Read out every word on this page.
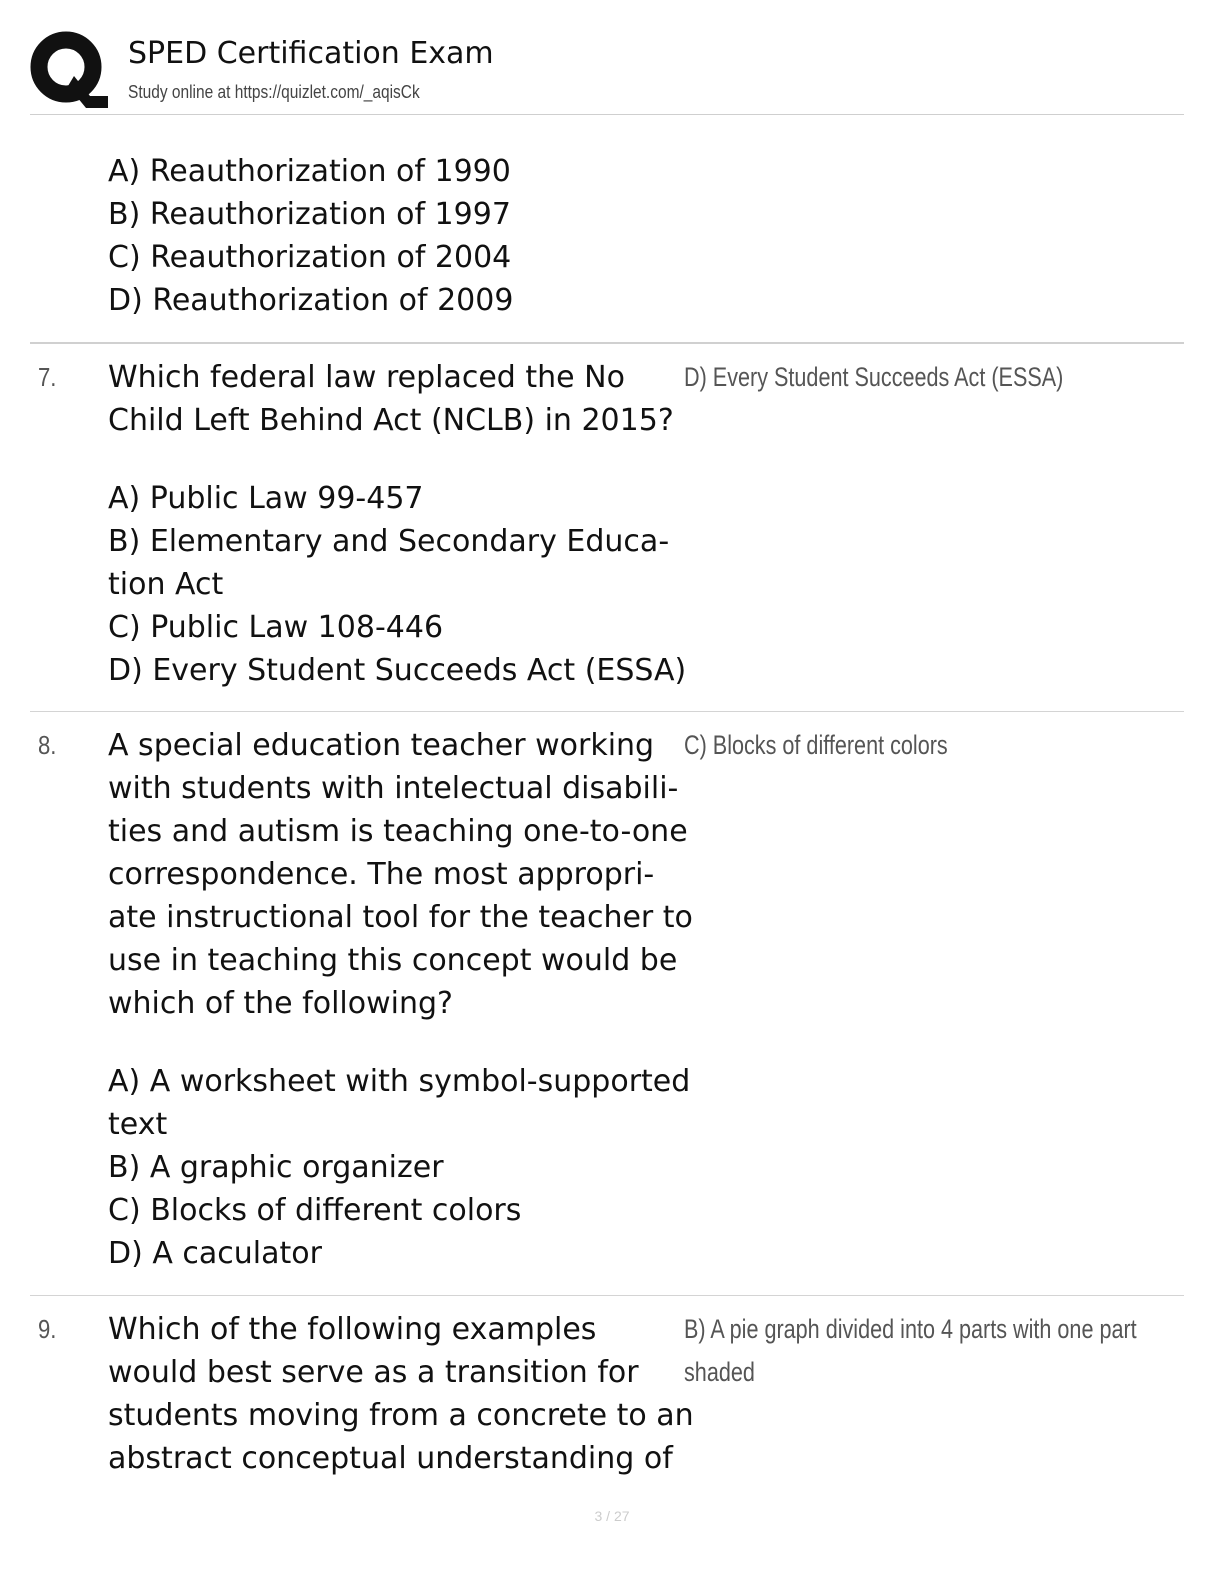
SPED Certification Exam
Study online at https://quizlet.com/_aqisCk
A) Reauthorization of 1990
B) Reauthorization of 1997
C) Reauthorization of 2004
D) Reauthorization of 2009
7. Which federal law replaced the No
Child Left Behind Act (NCLB) in 2015?
A) Public Law 99-457
B) Elementary and Secondary Educa-
tion Act
C) Public Law 108-446
D) Every Student Succeeds Act (ESSA)
D) Every Student Succeeds Act (ESSA)
8. A special education teacher working
with students with intelectual disabili-
ties and autism is teaching one-to-one
correspondence. The most appropri-
ate instructional tool for the teacher to
use in teaching this concept would be
which of the following?
A) A worksheet with symbol-supported
text
B) A graphic organizer
C) Blocks of different colors
D) A caculator
C) Blocks of different colors
9. Which of the following examples
would best serve as a transition for
students moving from a concrete to an
abstract conceptual understanding of
B) A pie graph divided into 4 parts with one part
shaded
3 / 27
